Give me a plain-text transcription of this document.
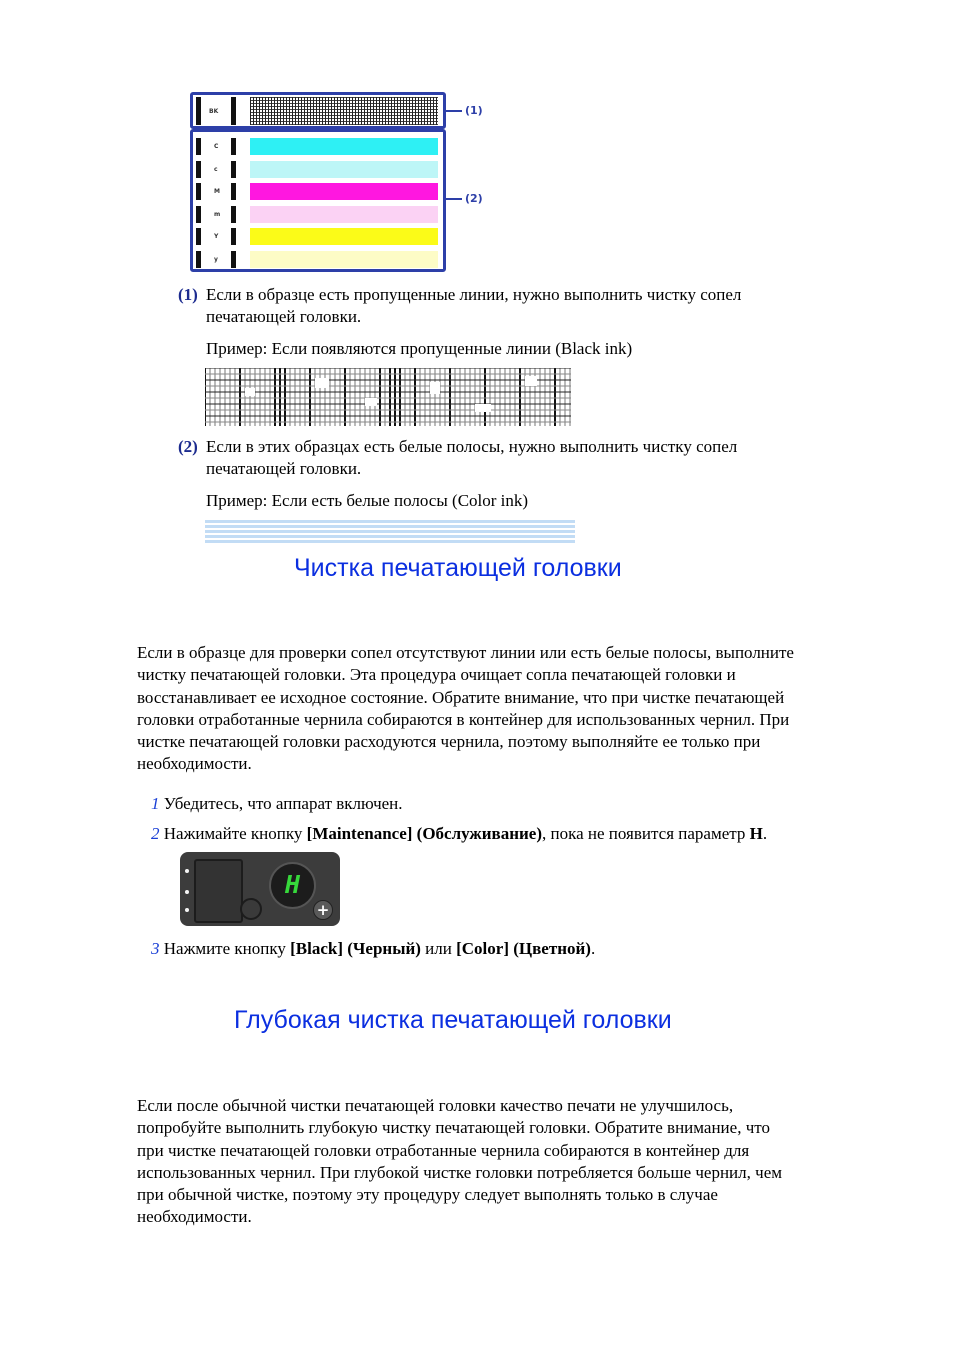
BK
C
c
M
m
Y
y
(1)
(2)
(1) Если в образце есть пропущенные линии, нужно выполнить чистку сопел
печатающей головки.
Пример: Если появляются пропущенные линии (Black ink)
(2) Если в этих образцах есть белые полосы, нужно выполнить чистку сопел
печатающей головки.
Пример: Если есть белые полосы (Color ink)
Чистка печатающей головки
Если в образце для проверки сопел отсутствуют линии или есть белые полосы, выполните
чистку печатающей головки. Эта процедура очищает сопла печатающей головки и
восстанавливает ее исходное состояние. Обратите внимание, что при чистке печатающей
головки отработанные чернила собираются в контейнер для использованных чернил. При
чистке печатающей головки расходуются чернила, поэтому выполняйте ее только при
необходимости.
1 Убедитесь, что аппарат включен.
2 Нажимайте кнопку [Maintenance] (Обслуживание), пока не появится параметр H.
H
+
3 Нажмите кнопку [Black] (Черный) или [Color] (Цветной).
Глубокая чистка печатающей головки
Если после обычной чистки печатающей головки качество печати не улучшилось,
попробуйте выполнить глубокую чистку печатающей головки. Обратите внимание, что
при чистке печатающей головки отработанные чернила собираются в контейнер для
использованных чернил. При глубокой чистке головки потребляется больше чернил, чем
при обычной чистке, поэтому эту процедуру следует выполнять только в случае
необходимости.
